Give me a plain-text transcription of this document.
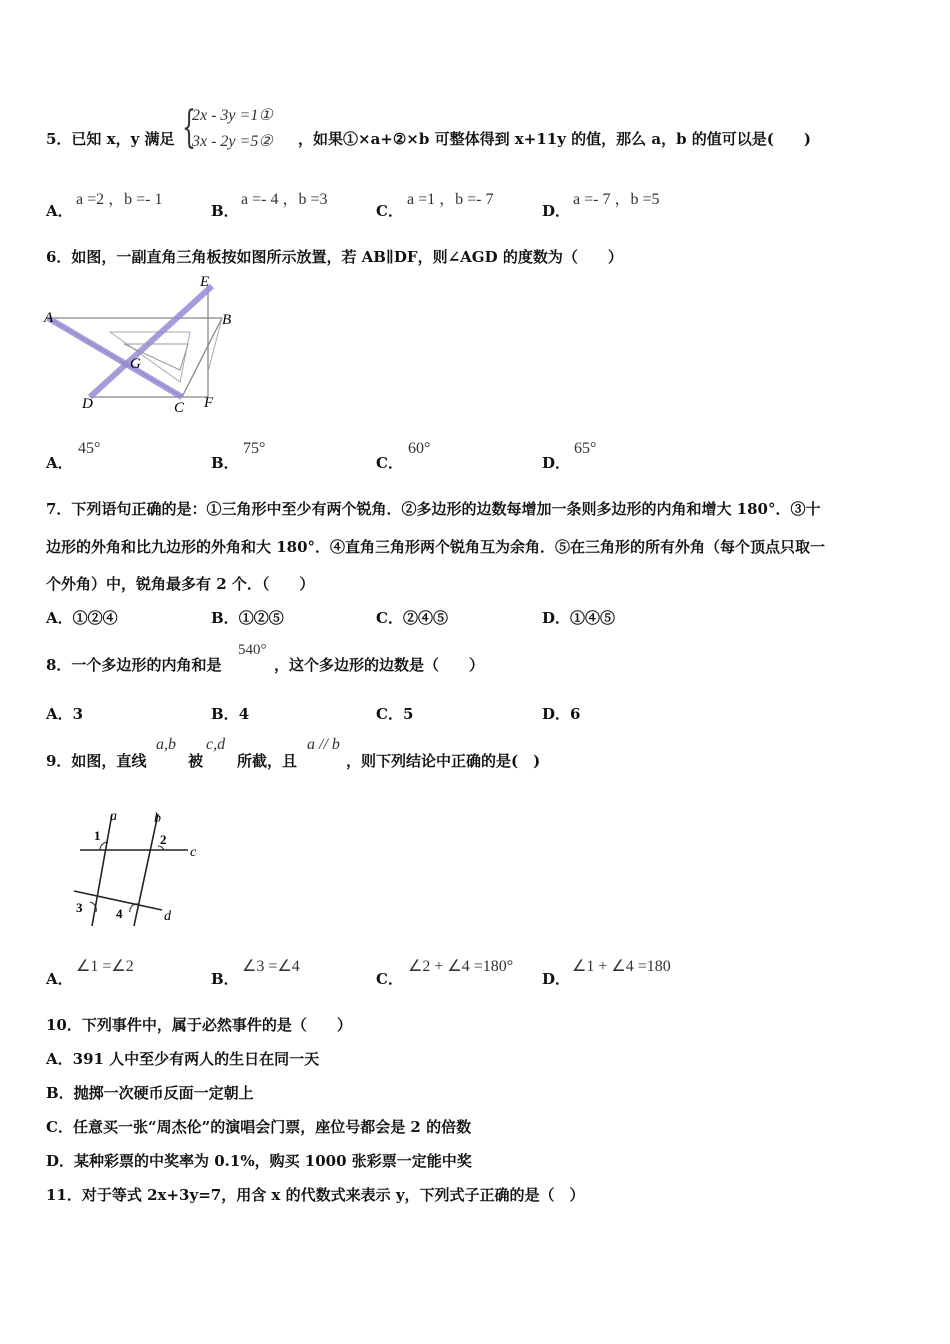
5．已知 x，y 满足 {
2x - 3y =1①
3x - 2y =5② ，如果①×a+②×b 可整体得到 x+11y 的值，那么 a，b 的值可以是(　　)
A．
a =2 ，b =- 1
B．
a =- 4 ，b =3
C．
a =1 ，b =- 7
D．
a =- 7 ，b =5
6．如图，一副直角三角板按如图所示放置，若 AB∥DF，则∠AGD 的度数为（　　）
A	B
C
D
E
F
G
A．
45°
B．
75°
C．
60°
D．
65°
7．下列语句正确的是：①三角形中至少有两个锐角．②多边形的边数每增加一条则多边形的内角和增大 180°．③十
边形的外角和比九边形的外角和大 180°．④直角三角形两个锐角互为余角．⑤在三角形的所有外角（每个顶点只取一
个外角）中，锐角最多有 2 个．（　　）
A．①②④	B．①②⑤	C．②④⑤	D．①④⑤
8．一个多边形的内角和是
540°
，这个多边形的边数是（　　）
A．3	B．4	C．5	D．6
9．如图，直线
a,b
被
c,d
所截，且
a // b
，则下列结论中正确的是(　)
a	b
c
d
1	2
3	4
A．
∠1 =∠2
B．
∠3 =∠4
C．
∠2 + ∠4 =180°
D．
∠1 + ∠4 =180
10．下列事件中，属于必然事件的是（　　）
A．391 人中至少有两人的生日在同一天
B．抛掷一次硬币反面一定朝上
C．任意买一张“周杰伦”的演唱会门票，座位号都会是 2 的倍数
D．某种彩票的中奖率为 0.1%，购买 1000 张彩票一定能中奖
11．对于等式 2x+3y=7，用含 x 的代数式来表示 y，下列式子正确的是（　）
